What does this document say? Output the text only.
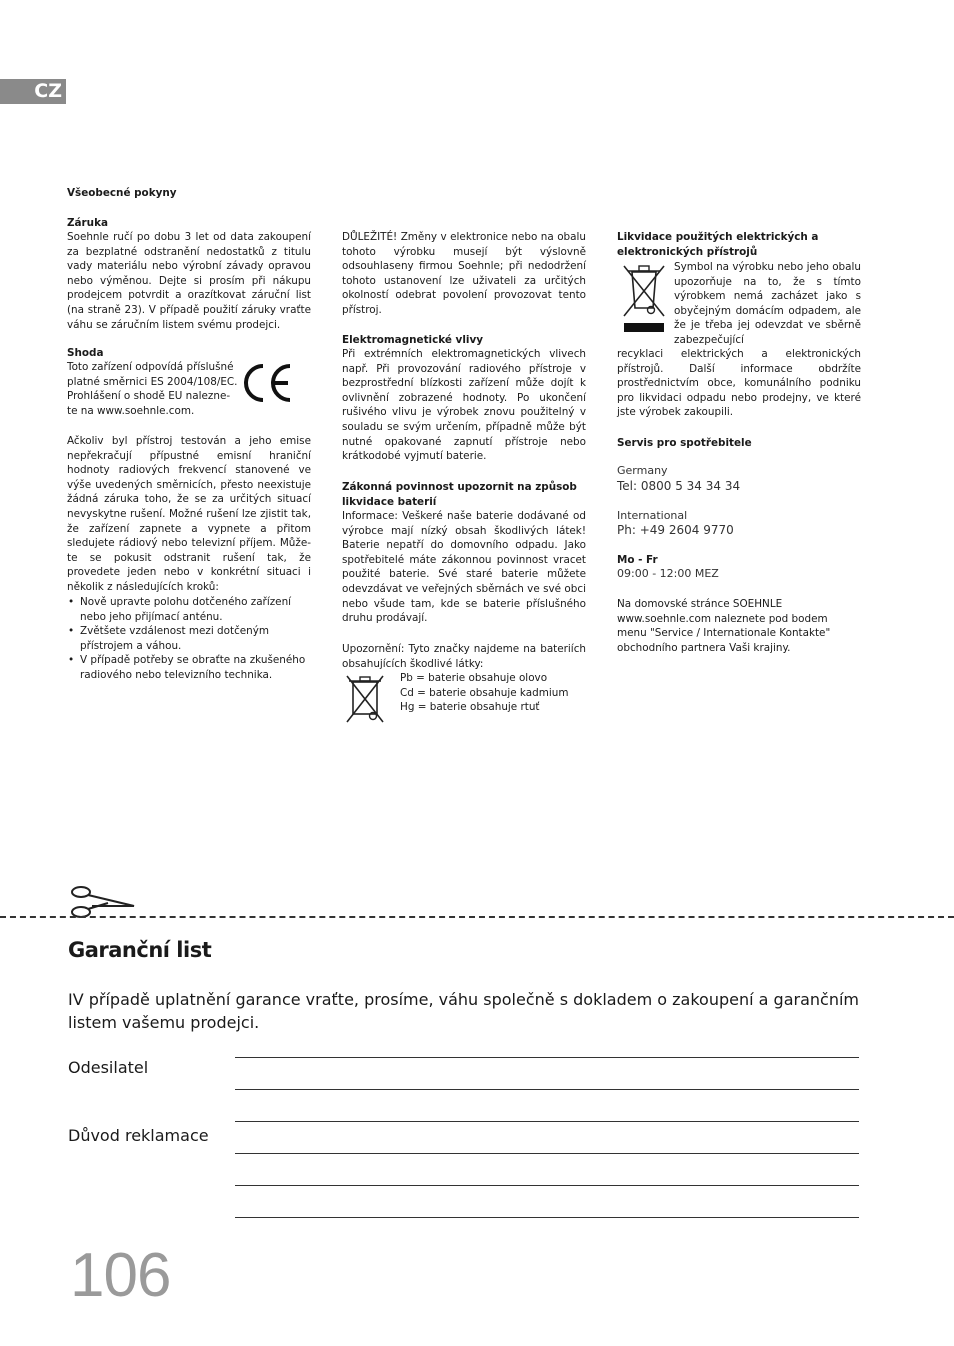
CZ

Všeobecné pokyny

Záruka

Soehnle ručí po dobu 3 let od data zakoupení za bezplatné odstranění nedostatků z titulu vady materiálu nebo výrobní závady opravou nebo výměnou. Dejte si prosím při nákupu prodejcem potvrdit a orazítkovat záruční list (na straně 23). V případě použití záruky vraťte váhu se záručním listem svému prodejci.

Shoda

Toto zařízení odpovídá příslušné

platné směrnici ES 2004/108/EC.

Prohlášení o shodě EU nalezne-

te na www.soehnle.com.

Ačkoliv byl přístroj testován a jeho emise nepřekračují přípustné emisní hraniční hodnoty radiových frekvencí stanovené ve výše uvedených směrnicích, přesto neexistuje žádná záruka toho, že se za určitých situací nevyskytne rušení. Možné rušení lze zjistit tak, že zařízení zapnete a vypnete a přitom sledujete rádiový nebo televizní příjem. Může-te se pokusit odstranit rušení tak, že provedete jeden nebo v konkrétní situaci i několik z následujících kroků:

• Nově upravte polohu dotčeného zařízení nebo jeho přijímací anténu.
• Zvětšete vzdálenost mezi dotčeným přístrojem a váhou.
• V případě potřeby se obraťte na zkušeného radiového nebo televizního technika.

DŮLEŽITÉ! Změny v elektronice nebo na obalu tohoto výrobku musejí být výslovně odsouhlaseny firmou Soehnle; při nedodržení tohoto ustanovení lze uživateli za určitých okolností odebrat povolení provozovat tento přístroj.

Elektromagnetické vlivy

Při extrémních elektromagnetických vlivech např. Při provozování radiového přístroje v bezprostřední blízkosti zařízení může dojít k ovlivnění zobrazené hodnoty. Po ukončení rušivého vlivu je výrobek znovu použitelný v souladu se svým určením, případně může být nutné opakované zapnutí přístroje nebo krátkodobé vyjmutí baterie.

Zákonná povinnost upozornit na způsob likvidace baterií

Informace: Veškeré naše baterie dodávané od výrobce mají nízký obsah škodlivých látek! Baterie nepatří do domovního odpadu. Jako spotřebitelé máte zákonnou povinnost vracet použité baterie. Své staré baterie můžete odevzdávat ve veřejných sběrnách ve své obci nebo všude tam, kde se baterie příslušného druhu prodávají.

Upozornění: Tyto značky najdeme na bateriích obsahujících škodlivé látky:

Pb = baterie obsahuje olovo

Cd = baterie obsahuje kadmium

Hg = baterie obsahuje rtuť

Likvidace použitých elektrických a elektronických přístrojů

Symbol na výrobku nebo jeho obalu upozorňuje na to, že s tímto výrobkem nemá zacházet jako s obyčejným domácím odpadem, ale že je třeba jej odevzdat ve sběrně zabezpečující

recyklaci elektrických a elektronických přístrojů. Další informace obdržíte prostřednictvím obce, komunálního podniku pro likvidaci odpadu nebo prodejny, ve které jste výrobek zakoupili.

Servis pro spotřebitele

Germany

Tel: 0800 5 34 34 34

International

Ph: +49 2604 9770

Mo - Fr

09:00 - 12:00 MEZ

Na domovské stránce SOEHNLE www.soehnle.com naleznete pod bodem menu "Service / Internationale Kontakte" obchodního partnera Vaši krajiny.

Garanční list
IV případě uplatnění garance vraťte, prosíme, váhu společně s dokladem o zakoupení a garančním listem vašemu prodejci.
Odesilatel
Důvod reklamace
106
